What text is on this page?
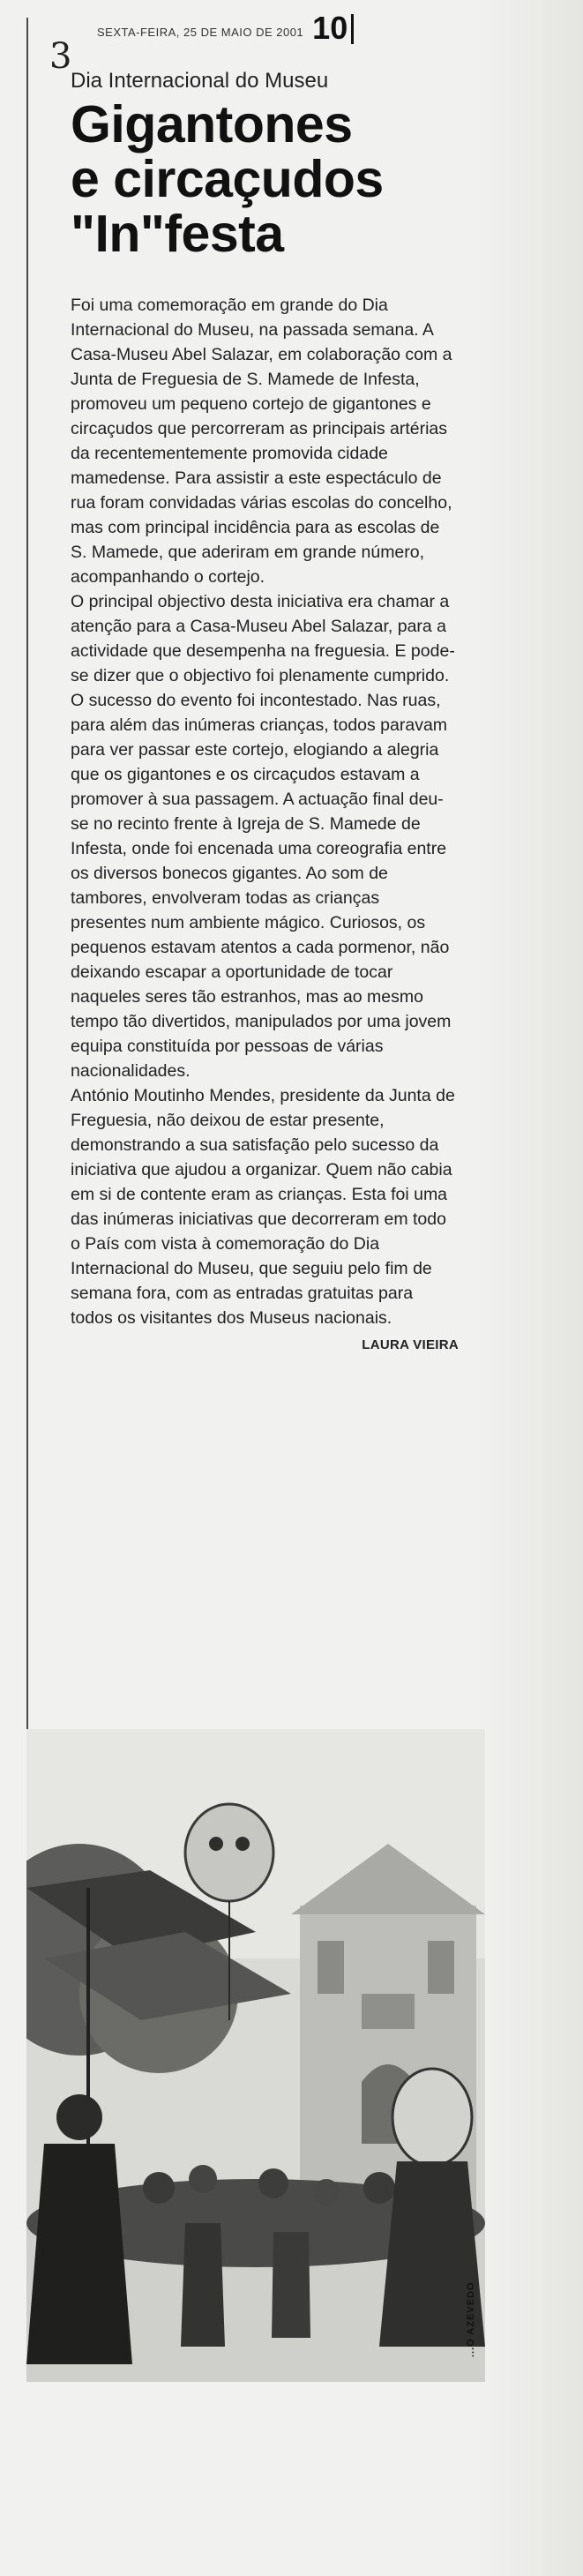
SEXTA-FEIRA, 25 DE MAIO DE 2001 10
3
Dia Internacional do Museu
Gigantones
e circaçudos
"In"festa

Foi uma comemoração em grande do Dia Internacional do Museu, na passada semana. A Casa-Museu Abel Salazar, em colaboração com a Junta de Freguesia de S. Mamede de Infesta, promoveu um pequeno cortejo de gigantones e circaçudos que percorreram as principais artérias da recentementemente promovida cidade mamedense. Para assistir a este espectáculo de rua foram convidadas várias escolas do concelho, mas com principal incidência para as escolas de S. Mamede, que aderiram em grande número, acompanhando o cortejo.

O principal objectivo desta iniciativa era chamar a atenção para a Casa-Museu Abel Salazar, para a actividade que desempenha na freguesia. E pode-se dizer que o objectivo foi plenamente cumprido.

O sucesso do evento foi incontestado. Nas ruas, para além das inúmeras crianças, todos paravam para ver passar este cortejo, elogiando a alegria que os gigantones e os circaçudos estavam a promover à sua passagem. A actuação final deu-se no recinto frente à Igreja de S. Mamede de Infesta, onde foi encenada uma coreografia entre os diversos bonecos gigantes. Ao som de tambores, envolveram todas as crianças presentes num ambiente mágico. Curiosos, os pequenos estavam atentos a cada pormenor, não deixando escapar a oportunidade de tocar naqueles seres tão estranhos, mas ao mesmo tempo tão divertidos, manipulados por uma jovem equipa constituída por pessoas de várias nacionalidades.

António Moutinho Mendes, presidente da Junta de Freguesia, não deixou de estar presente, demonstrando a sua satisfação pelo sucesso da iniciativa que ajudou a organizar. Quem não cabia em si de contente eram as crianças. Esta foi uma das inúmeras iniciativas que decorreram em todo o País com vista à comemoração do Dia Internacional do Museu, que seguiu pelo fim de semana fora, com as entradas gratuitas para todos os visitantes dos Museus nacionais.

LAURA VIEIRA
...O AZEVEDO
